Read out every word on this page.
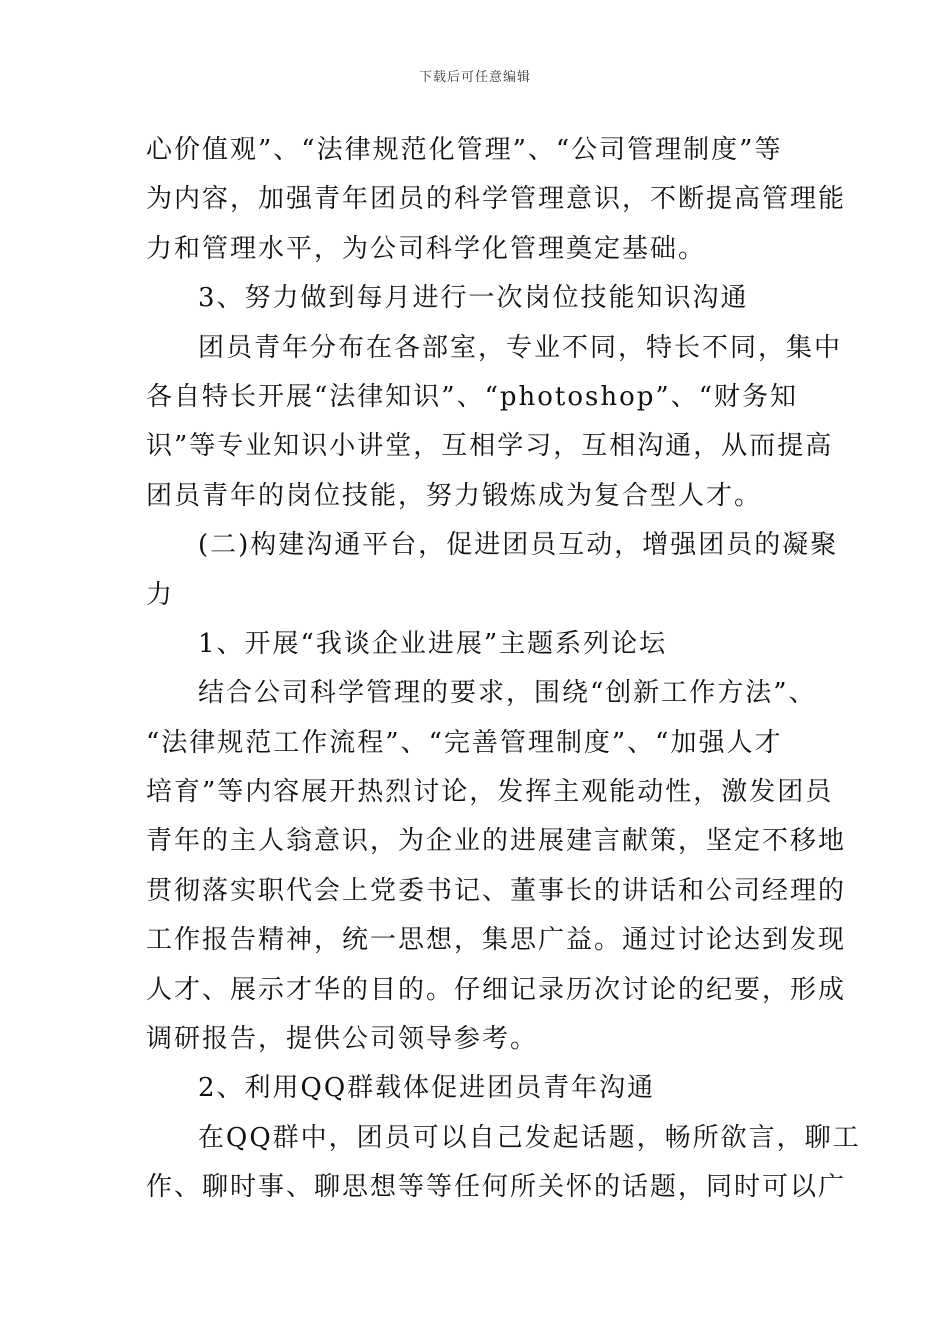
下载后可任意编辑
心价值观”、“法律规范化管理”、“公司管理制度”等
为内容，加强青年团员的科学管理意识，不断提高管理能
力和管理水平，为公司科学化管理奠定基础。
3、努力做到每月进行一次岗位技能知识沟通
团员青年分布在各部室，专业不同，特长不同，集中
各自特长开展“法律知识”、“photoshop”、“财务知
识”等专业知识小讲堂，互相学习，互相沟通，从而提高
团员青年的岗位技能，努力锻炼成为复合型人才。
(二)构建沟通平台，促进团员互动，增强团员的凝聚
力
1、开展“我谈企业进展”主题系列论坛
结合公司科学管理的要求，围绕“创新工作方法”、
“法律规范工作流程”、“完善管理制度”、“加强人才
培育”等内容展开热烈讨论，发挥主观能动性，激发团员
青年的主人翁意识，为企业的进展建言献策，坚定不移地
贯彻落实职代会上党委书记、董事长的讲话和公司经理的
工作报告精神，统一思想，集思广益。通过讨论达到发现
人才、展示才华的目的。仔细记录历次讨论的纪要，形成
调研报告，提供公司领导参考。
2、利用QQ群载体促进团员青年沟通
在QQ群中，团员可以自己发起话题，畅所欲言，聊工
作、聊时事、聊思想等等任何所关怀的话题，同时可以广
